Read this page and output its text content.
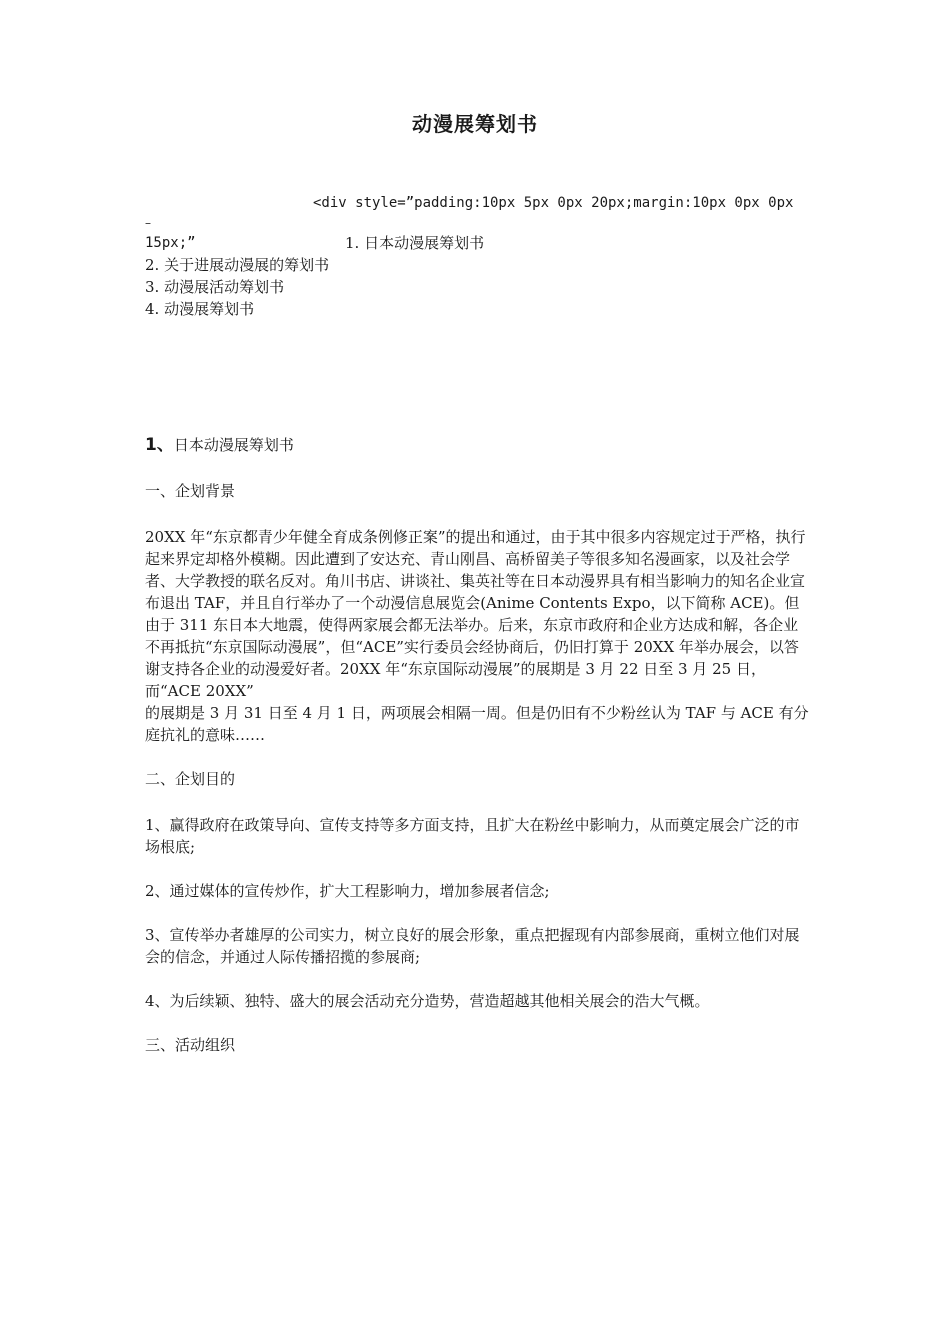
动漫展筹划书
<div style=”padding:10px 5px 0px 20px;margin:10px 0px 0px
–
15px;”	1. 日本动漫展筹划书
2. 关于进展动漫展的筹划书
3. 动漫展活动筹划书
4. 动漫展筹划书
1、日本动漫展筹划书

一、企划背景

20XX 年“东京都青少年健全育成条例修正案”的提出和通过，由于其中很多内容规定过于严格，执行起来界定却格外模糊。因此遭到了安达充、青山刚昌、高桥留美子等很多知名漫画家，以及社会学者、大学教授的联名反对。角川书店、讲谈社、集英社等在日本动漫界具有相当影响力的知名企业宣布退出 TAF，并且自行举办了一个动漫信息展览会(Anime Contents Expo，以下简称 ACE)。但由于 311 东日本大地震，使得两家展会都无法举办。后来，东京市政府和企业方达成和解，各企业不再抵抗“东京国际动漫展”，但“ACE”实行委员会经协商后，仍旧打算于 20XX 年举办展会，以答谢支持各企业的动漫爱好者。20XX 年“东京国际动漫展”的展期是 3 月 22 日至 3 月 25 日，而“ACE 20XX”
的展期是 3 月 31 日至 4 月 1 日，两项展会相隔一周。但是仍旧有不少粉丝认为 TAF 与 ACE 有分庭抗礼的意味……

二、企划目的

1、赢得政府在政策导向、宣传支持等多方面支持，且扩大在粉丝中影响力，从而奠定展会广泛的市场根底;

2、通过媒体的宣传炒作，扩大工程影响力，增加参展者信念;

3、宣传举办者雄厚的公司实力，树立良好的展会形象，重点把握现有内部参展商，重树立他们对展会的信念，并通过人际传播招揽的参展商;

4、为后续颖、独特、盛大的展会活动充分造势，营造超越其他相关展会的浩大气概。

三、活动组织
